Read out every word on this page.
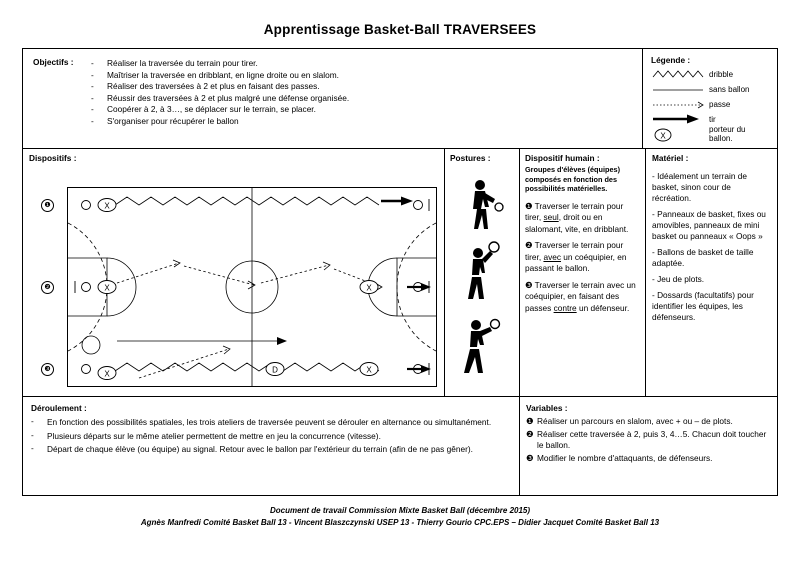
Apprentissage Basket-Ball TRAVERSEES
Objectifs : -	Réaliser la traversée du terrain pour tirer.
-	Maîtriser la traversée en dribblant, en ligne droite ou en slalom.
-	Réaliser des traversées à 2 et plus en faisant des passes.
-	Réussir des traversées à 2 et plus malgré une défense organisée.
-	Coopérer à 2, à 3…, se déplacer sur le terrain, se placer.
-	S'organiser pour récupérer le ballon
Légende :
dribble
sans ballon
passe
tir
X
porteur du ballon.
Dispositifs :
X
X	X
X	X
D
❶
❷
❸
Postures :	Dispositif humain :
Groupes d'élèves (équipes) composés en fonction des possibilités matérielles.
❶ Traverser le terrain pour tirer, seul, droit ou en slalomant, vite, en dribblant.
❷ Traverser le terrain pour tirer, avec un coéquipier, en passant le ballon.
❸ Traverser le terrain avec un coéquipier, en faisant des passes contre un défenseur.
Matériel :
- Idéalement un terrain de basket, sinon cour de récréation.
- Panneaux de basket, fixes ou amovibles, panneaux de mini basket ou panneaux « Oops »
- Ballons de basket de taille adaptée.
- Jeu de plots.
- Dossards (facultatifs) pour identifier les équipes, les défenseurs.
Déroulement :
-	En fonction des possibilités spatiales, les trois ateliers de traversée peuvent se dérouler en alternance ou simultanément.
-	Plusieurs départs sur le même atelier permettent de mettre en jeu la concurrence (vitesse).
-	Départ de chaque élève (ou équipe) au signal. Retour avec le ballon par l'extérieur du terrain (afin de ne pas gêner).
Variables :
❶ Réaliser un parcours en slalom, avec + ou – de plots.
❷ Réaliser cette traversée à 2, puis 3, 4…5. Chacun doit toucher le ballon.
❸ Modifier le nombre d'attaquants, de défenseurs.
Document de travail Commission Mixte Basket Ball (décembre 2015)
Agnès Manfredi Comité Basket Ball 13 - Vincent Blaszczynski USEP 13 - Thierry Gourio CPC.EPS – Didier Jacquet Comité Basket Ball 13
